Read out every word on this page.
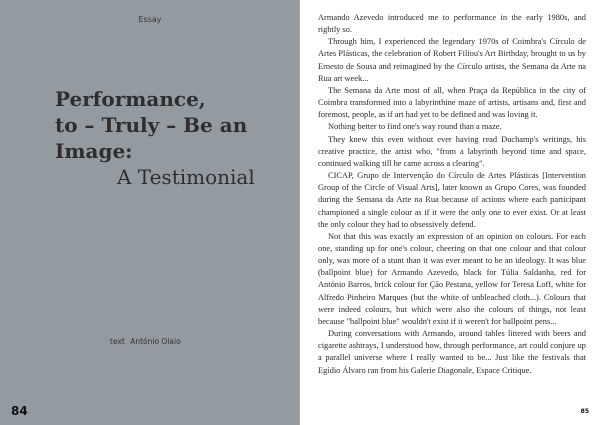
Essay
Performance,
to – Truly – Be an
Image:
A Testimonial
text António Olaio
84

Armando Azevedo introduced me to performance in the early 1980s, and rightly so.

Through him, I experienced the legendary 1970s of Coimbra's Círculo de Artes Plásticas, the celebration of Robert Filiou's Art Birthday, brought to us by Ernesto de Sousa and reimagined by the Círculo artists, the Semana da Arte na Rua art week...

The Semana da Arte most of all, when Praça da República in the city of Coimbra transformed into a labyrinthine maze of artists, artisans and, first and foremost, people, as if art had yet to be defined and was loving it.

Nothing better to find one's way round than a maze.

They knew this even without ever having read Duchamp's writings, his creative practice, the artist who, "from a labyrinth beyond time and space, continued walking till he came across a clearing".

CICAP, Grupo de Intervenção do Círculo de Artes Plásticas [Intervention Group of the Circle of Visual Arts], later known as Grupo Cores, was founded during the Semana da Arte na Rua because of actions where each participant championed a single colour as if it were the only one to ever exist. Or at least the only colour they had to obsessively defend.

Not that this was exactly an expression of an opinion on colours. For each one, standing up for one's colour, cheering on that one colour and that colour only, was more of a stunt than it was ever meant to be an ideology. It was blue (ballpoint blue) for Armando Azevedo, black for Túlia Saldanha, red for António Barros, brick colour for Ção Pestana, yellow for Teresa Loff, white for Alfredo Pinheiro Marques (but the white of unbleached cloth...). Colours that were indeed colours, but which were also the colours of things, not least because "ballpoint blue" wouldn't exist if it weren't for ballpoint pens...

During conversations with Armando, around tables littered with beers and cigarette ashtrays, I understood how, through performance, art could conjure up a parallel universe where I really wanted to be... Just like the festivals that Egídio Álvaro ran from his Galerie Diagonale, Espace Critique.

85
